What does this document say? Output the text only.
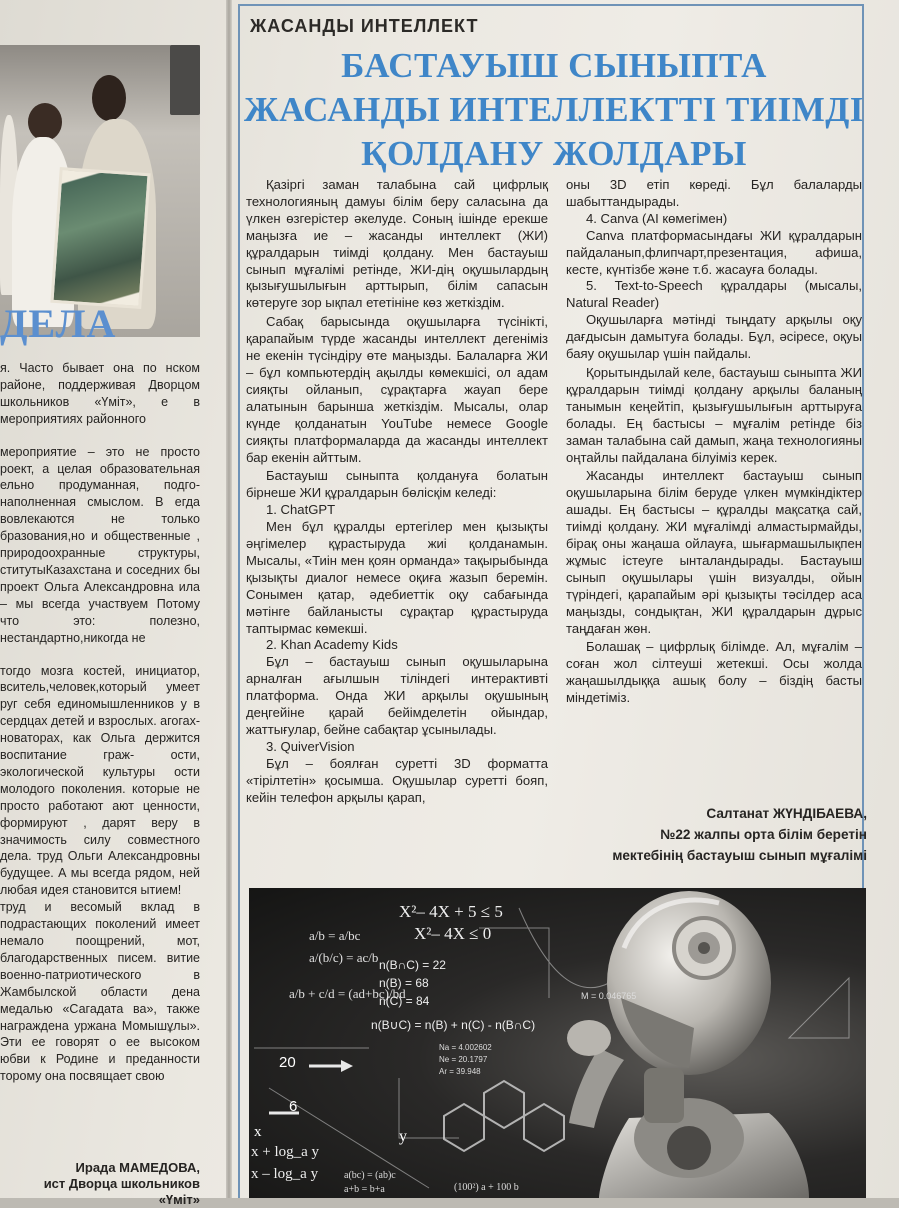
ДЕЛА

я. Часто бывает она по нском районе, поддерживая Дворцом школьников «Үміт», е в мероприятиях районного

мероприятие – это не просто роект, а целая образовательная ельно продуманная, подго- наполненная смыслом. В егда вовлекаются не только бразования,но и общественные , природоохранные структуры, ститутыКазахстана и соседних бы проект Ольга Александровна ила – мы всегда участвуем Потому что это: полезно, нестандартно,никогда не

тогдо мозга костей, инициатор, вситель,человек,который умеет руг себя единомышленников у в сердцах детей и взрослых. агогах-новаторах, как Ольга держится воспитание граж- ости, экологической культуры ости молодого поколения. которые не просто работают ают ценности, формируют , дарят веру в значимость силу совместного дела. труд Ольги Александровны будущее. А мы всегда рядом, ней любая идея становится ытием!

труд и весомый вклад в подрастающих поколений имеет немало поощрений, мот, благодарственных писем. витие военно-патриотического в Жамбылской области дена медалью «Сагадата ва», также награждена уржана Момышұлы». Эти ее говорят о ее высоком юбви к Родине и преданности торому она посвящает свою

Ирада МАМЕДОВА,
ист Дворца школьников «Үміт»
ЖАСАНДЫ ИНТЕЛЛЕКТ
БАСТАУЫШ СЫНЫПТА ЖАСАНДЫ ИНТЕЛЛЕКТТІ ТИІМДІ ҚОЛДАНУ ЖОЛДАРЫ

Қазіргі заман талабына сай цифрлық технологияның дамуы білім беру саласына да үлкен өзгерістер әкелуде. Соның ішінде ерекше маңызға ие – жасанды интеллект (ЖИ) құралдарын тиімді қолдану. Мен бастауыш сынып мұғалімі ретінде, ЖИ-дің оқушылардың қызығушылығын арттырып, білім сапасын көтеруге зор ықпал ететініне көз жеткіздім.

Сабақ барысында оқушыларға түсінікті, қарапайым түрде жасанды интеллект дегеніміз не екенін түсіндіру өте маңызды. Балаларға ЖИ – бұл компьютердің ақылды көмекшісі, ол адам сияқты ойланып, сұрақтарға жауап бере алатынын барынша жеткіздім. Мысалы, олар күнде қолданатын YouTube немесе Google сияқты платформаларда да жасанды интеллект бар екенін айттым.

Бастауыш сыныпта қолдануға болатын бірнеше ЖИ құралдарын бөлісқім келеді:

1. ChatGPT

Мен бұл құралды ертегілер мен қызықты әңгімелер құрастыруда жиі қолданамын. Мысалы, «Тиін мен қоян орманда» тақырыбында қызықты диалог немесе оқиға жазып беремін. Сонымен қатар, әдебиеттік оқу сабағында мәтінге байланысты сұрақтар құрастыруда таптырмас көмекші.

2. Khan Academy Kids

Бұл – бастауыш сынып оқушыларына арналған ағылшын тіліндегі интерактивті платформа. Онда ЖИ арқылы оқушының деңгейіне қарай бейімделетін ойындар, жаттығулар, бейне сабақтар ұсынылады.

3. QuiverVision

Бұл – боялған суретті 3D форматта «тірілтетін» қосымша. Оқушылар суретті бояп, кейін телефон арқылы қарап,

оны 3D етіп көреді. Бұл балаларды шабыттандырады.

4. Canva (AI көмегімен)

Canva платформасындағы ЖИ құралдарын пайдаланып,флипчарт,презентация, афиша, кесте, күнтізбе және т.б. жасауға болады.

5. Text-to-Speech құралдары (мысалы, Natural Reader)

Оқушыларға мәтінді тыңдату арқылы оқу дағдысын дамытуға болады. Бұл, әсіресе, оқуы баяу оқушылар үшін пайдалы.

Қорытындылай келе, бастауыш сыныпта ЖИ құралдарын тиімді қолдану арқылы баланың танымын кеңейтіп, қызығушылығын арттыруға болады. Ең бастысы – мұғалім ретінде біз заман талабына сай дамып, жаңа технологияны оңтайлы пайдалана білуіміз керек.

Жасанды интеллект бастауыш сынып оқушыларына білім беруде үлкен мүмкіндіктер ашады. Ең бастысы – құралды мақсатқа сай, тиімді қолдану. ЖИ мұғалімді алмастырмайды, бірақ оны жаңаша ойлауға, шығармашылықпен жұмыс істеуге ынталандырады. Бастауыш сынып оқушылары үшін визуалды, ойын түріндегі, қарапайым әрі қызықты тәсілдер аса маңызды, сондықтан, ЖИ құралдарын дұрыс таңдаған жөн.

Болашақ – цифрлық білімде. Ал, мұғалім – соған жол сілтеуші жетекші. Осы жолда жаңашылдыққа ашық болу – біздің басты міндетіміз.

Салтанат ЖҮНДІБАЕВА,
№22 жалпы орта білім беретін
мектебінің бастауыш сынып мұғалімі
X²– 4X + 5 ≤ 5
X²– 4X ≤ 0
a/b = a/bc
a/(b/c) = ac/b
a/b + c/d = (ad+bc)/bd
n(B∩C) = 22
n(B) = 68
n(C) = 84
n(B∪C) = n(B) + n(C) - n(B∩C)
M = 0.046765
x + log_a y
x – log_a y	a(bc) = (ab)c
a+b = b+a	(100²) a + 100 b
Na = 4.002602
Ne = 20.1797
Ar = 39.948
20
6
y
x
